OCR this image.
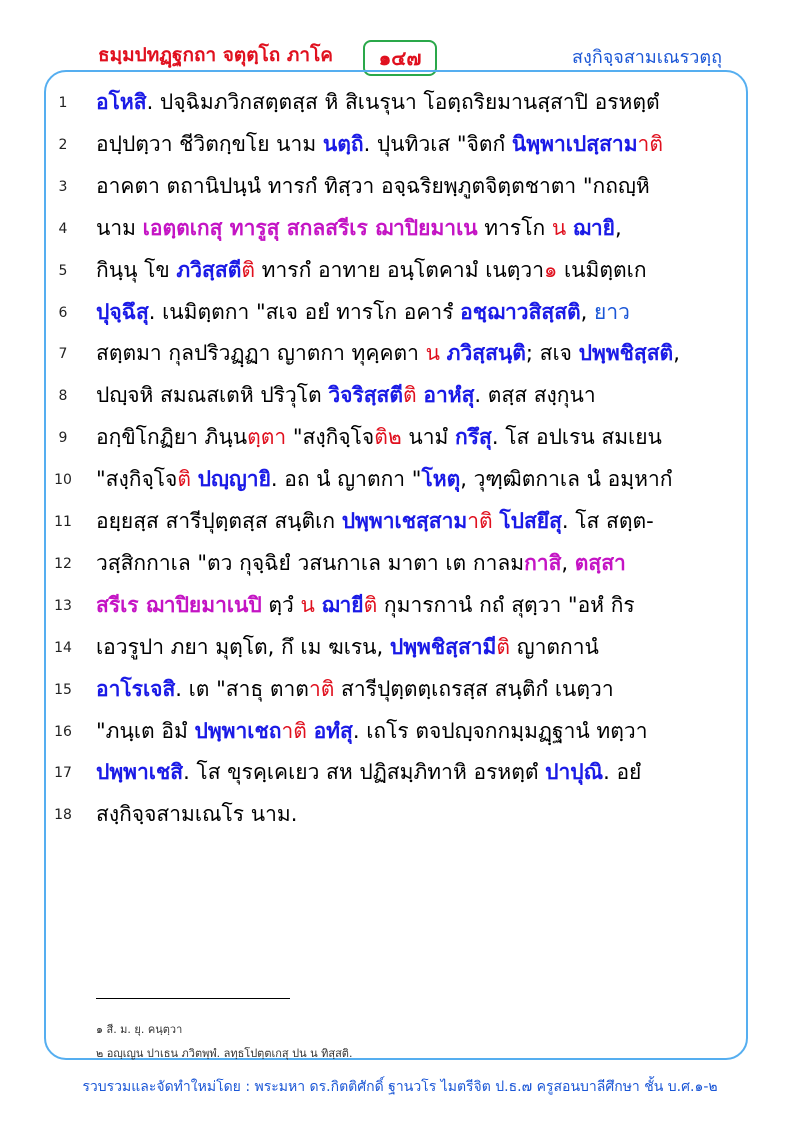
ธมฺมปทฏฺฐกถา จตุตฺโถ ภาโค	๑๔๗	สงฺกิจฺจสามเณรวตฺถุ
1	อโหสิ. ปจฺฉิมภวิกสตฺตสฺส หิ สิเนรุนา โอตฺถริยมานสฺสาปิ อรหตฺตํ
2	อปฺปตฺวา ชีวิตกฺขโย นาม นตฺถิ. ปุนทิวเส "จิตกํ นิพฺพาเปสฺสามาติ
3	อาคตา ตถานิปนฺนํ ทารกํ ทิสฺวา อจฺฉริยพฺภูตจิตฺตชาตา "กถญฺหิ
4	นาม เอตฺตเกสุ ทารูสุ สกลสรีเร ฌาปิยมาเน ทารโก น ฌายิ,
5	กินฺนุ โข ภวิสฺสตีติ ทารกํ อาทาย อนฺโตคามํ เนตฺวา๑ เนมิตฺตเก
6	ปุจฺฉึสุ. เนมิตฺตกา "สเจ อยํ ทารโก อคารํ อชฺฌาวสิสฺสติ, ยาว
7	สตฺตมา กุลปริวฏฺฏา ญาตกา ทุคฺคตา น ภวิสฺสนฺติ; สเจ ปพฺพชิสฺสติ,
8	ปญฺจหิ สมณสเตหิ ปริวุโต วิจริสฺสตีติ อาหํสุ. ตสฺส สงฺกุนา
9	อกฺขิโกฏิยา ภินฺนตฺตา "สงฺกิจฺโจติ๒ นามํ กรึสุ. โส อปเรน สมเยน
10 "สงฺกิจฺโจติ ปญฺญายิ. อถ นํ ญาตกา "โหตุ, วุฑฺฒิตกาเล นํ อมฺหากํ
11 อยฺยสฺส สารีปุตฺตสฺส สนฺติเก ปพฺพาเชสฺสามาติ โปสยึสุ. โส สตฺต-
12 วสฺสิกกาเล "ตว กุจฺฉิยํ วสนกาเล มาตา เต กาลมกาสิ, ตสฺสา
13 สรีเร ฌาปิยมาเนปิ ตฺวํ น ฌายีติ กุมารกานํ กถํ สุตฺวา "อหํ กิร
14 เอวรูปา ภยา มุตฺโต, กึ เม ฆเรน, ปพฺพชิสฺสามีติ ญาตกานํ
15 อาโรเจสิ. เต "สาธุ ตาตาติ สารีปุตฺตตฺเถรสฺส สนฺติกํ เนตฺวา
16 "ภนฺเต อิมํ ปพฺพาเชถาติ อทํสุ. เถโร ตจปญฺจกกมฺมฏฺฐานํ ทตฺวา
17 ปพฺพาเชสิ. โส ขุรคฺเคเยว สห ปฏิสมฺภิทาหิ อรหตฺตํ ปาปุณิ. อยํ
18 สงฺกิจฺจสามเณโร นาม.
๑ สี. ม. ยุ. คนฺตฺวา
๒ อญฺเญน ปาเธน ภวิตพฺพํ. ลทฺธโปตฺตเกสุ ปน น ทิสฺสติ.
รวบรวมและจัดทำใหม่โดย : พระมหา ดร.กิตติศักดิ์ ฐานวโร ไมตรีจิต ป.ธ.๗ ครูสอนบาลีศึกษา ชั้น บ.ศ.๑-๒
